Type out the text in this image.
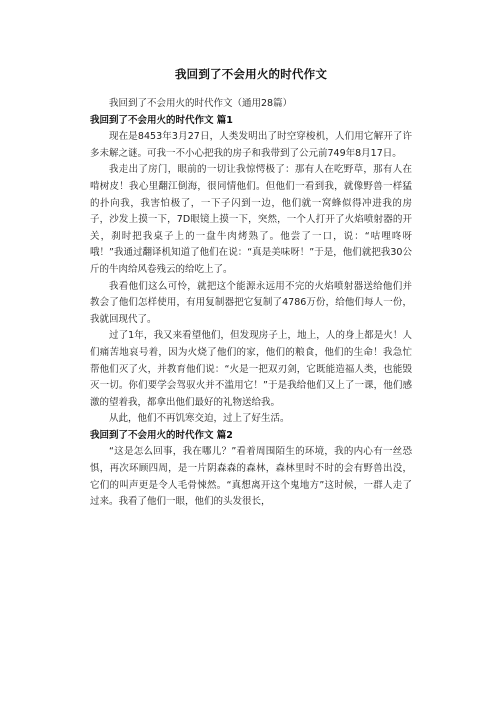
我回到了不会用火的时代作文

我回到了不会用火的时代作文（通用28篇）

我回到了不会用火的时代作文 篇1

现在是8453年3月27日，人类发明出了时空穿梭机，人们用它解开了许多未解之谜。可我一不小心把我的房子和我带到了公元前749年8月17日。

我走出了房门，眼前的一切让我惊愕极了：那有人在吃野草，那有人在啃树皮！我心里翻江倒海，很同情他们。但他们一看到我，就像野兽一样猛的扑向我，我害怕极了，一下子闪到一边，他们就一窝蜂似得冲进我的房子，沙发上摸一下，7D眼镜上摸一下，突然，一个人打开了火焰喷射器的开关，刹时把我桌子上的一盘牛肉烤熟了。他尝了一口，说：“咕哩咚呀哦！”我通过翻译机知道了他们在说：“真是美味呀！”于是，他们就把我30公斤的牛肉给风卷残云的给吃上了。

我看他们这么可怜，就把这个能源永远用不完的火焰喷射器送给他们并教会了他们怎样使用，有用复制器把它复制了4786万份，给他们每人一份，我就回现代了。

过了1年，我又来看望他们，但发现房子上，地上，人的身上都是火！人们痛苦地哀号着，因为火烧了他们的家，他们的粮食，他们的生命！我急忙帮他们灭了火，并教育他们说：“火是一把双刃剑，它既能造福人类，也能毁灭一切。你们要学会驾驭火并不滥用它！”于是我给他们又上了一课，他们感激的望着我，都拿出他们最好的礼物送给我。

从此，他们不再饥寒交迫，过上了好生活。

我回到了不会用火的时代作文 篇2

“这是怎么回事，我在哪儿？”看着周围陌生的环境，我的内心有一丝恐惧，再次环顾四周，是一片阴森森的森林，森林里时不时的会有野兽出没，它们的叫声更是令人毛骨悚然。“真想离开这个鬼地方”这时候，一群人走了过来。我看了他们一眼，他们的头发很长，
